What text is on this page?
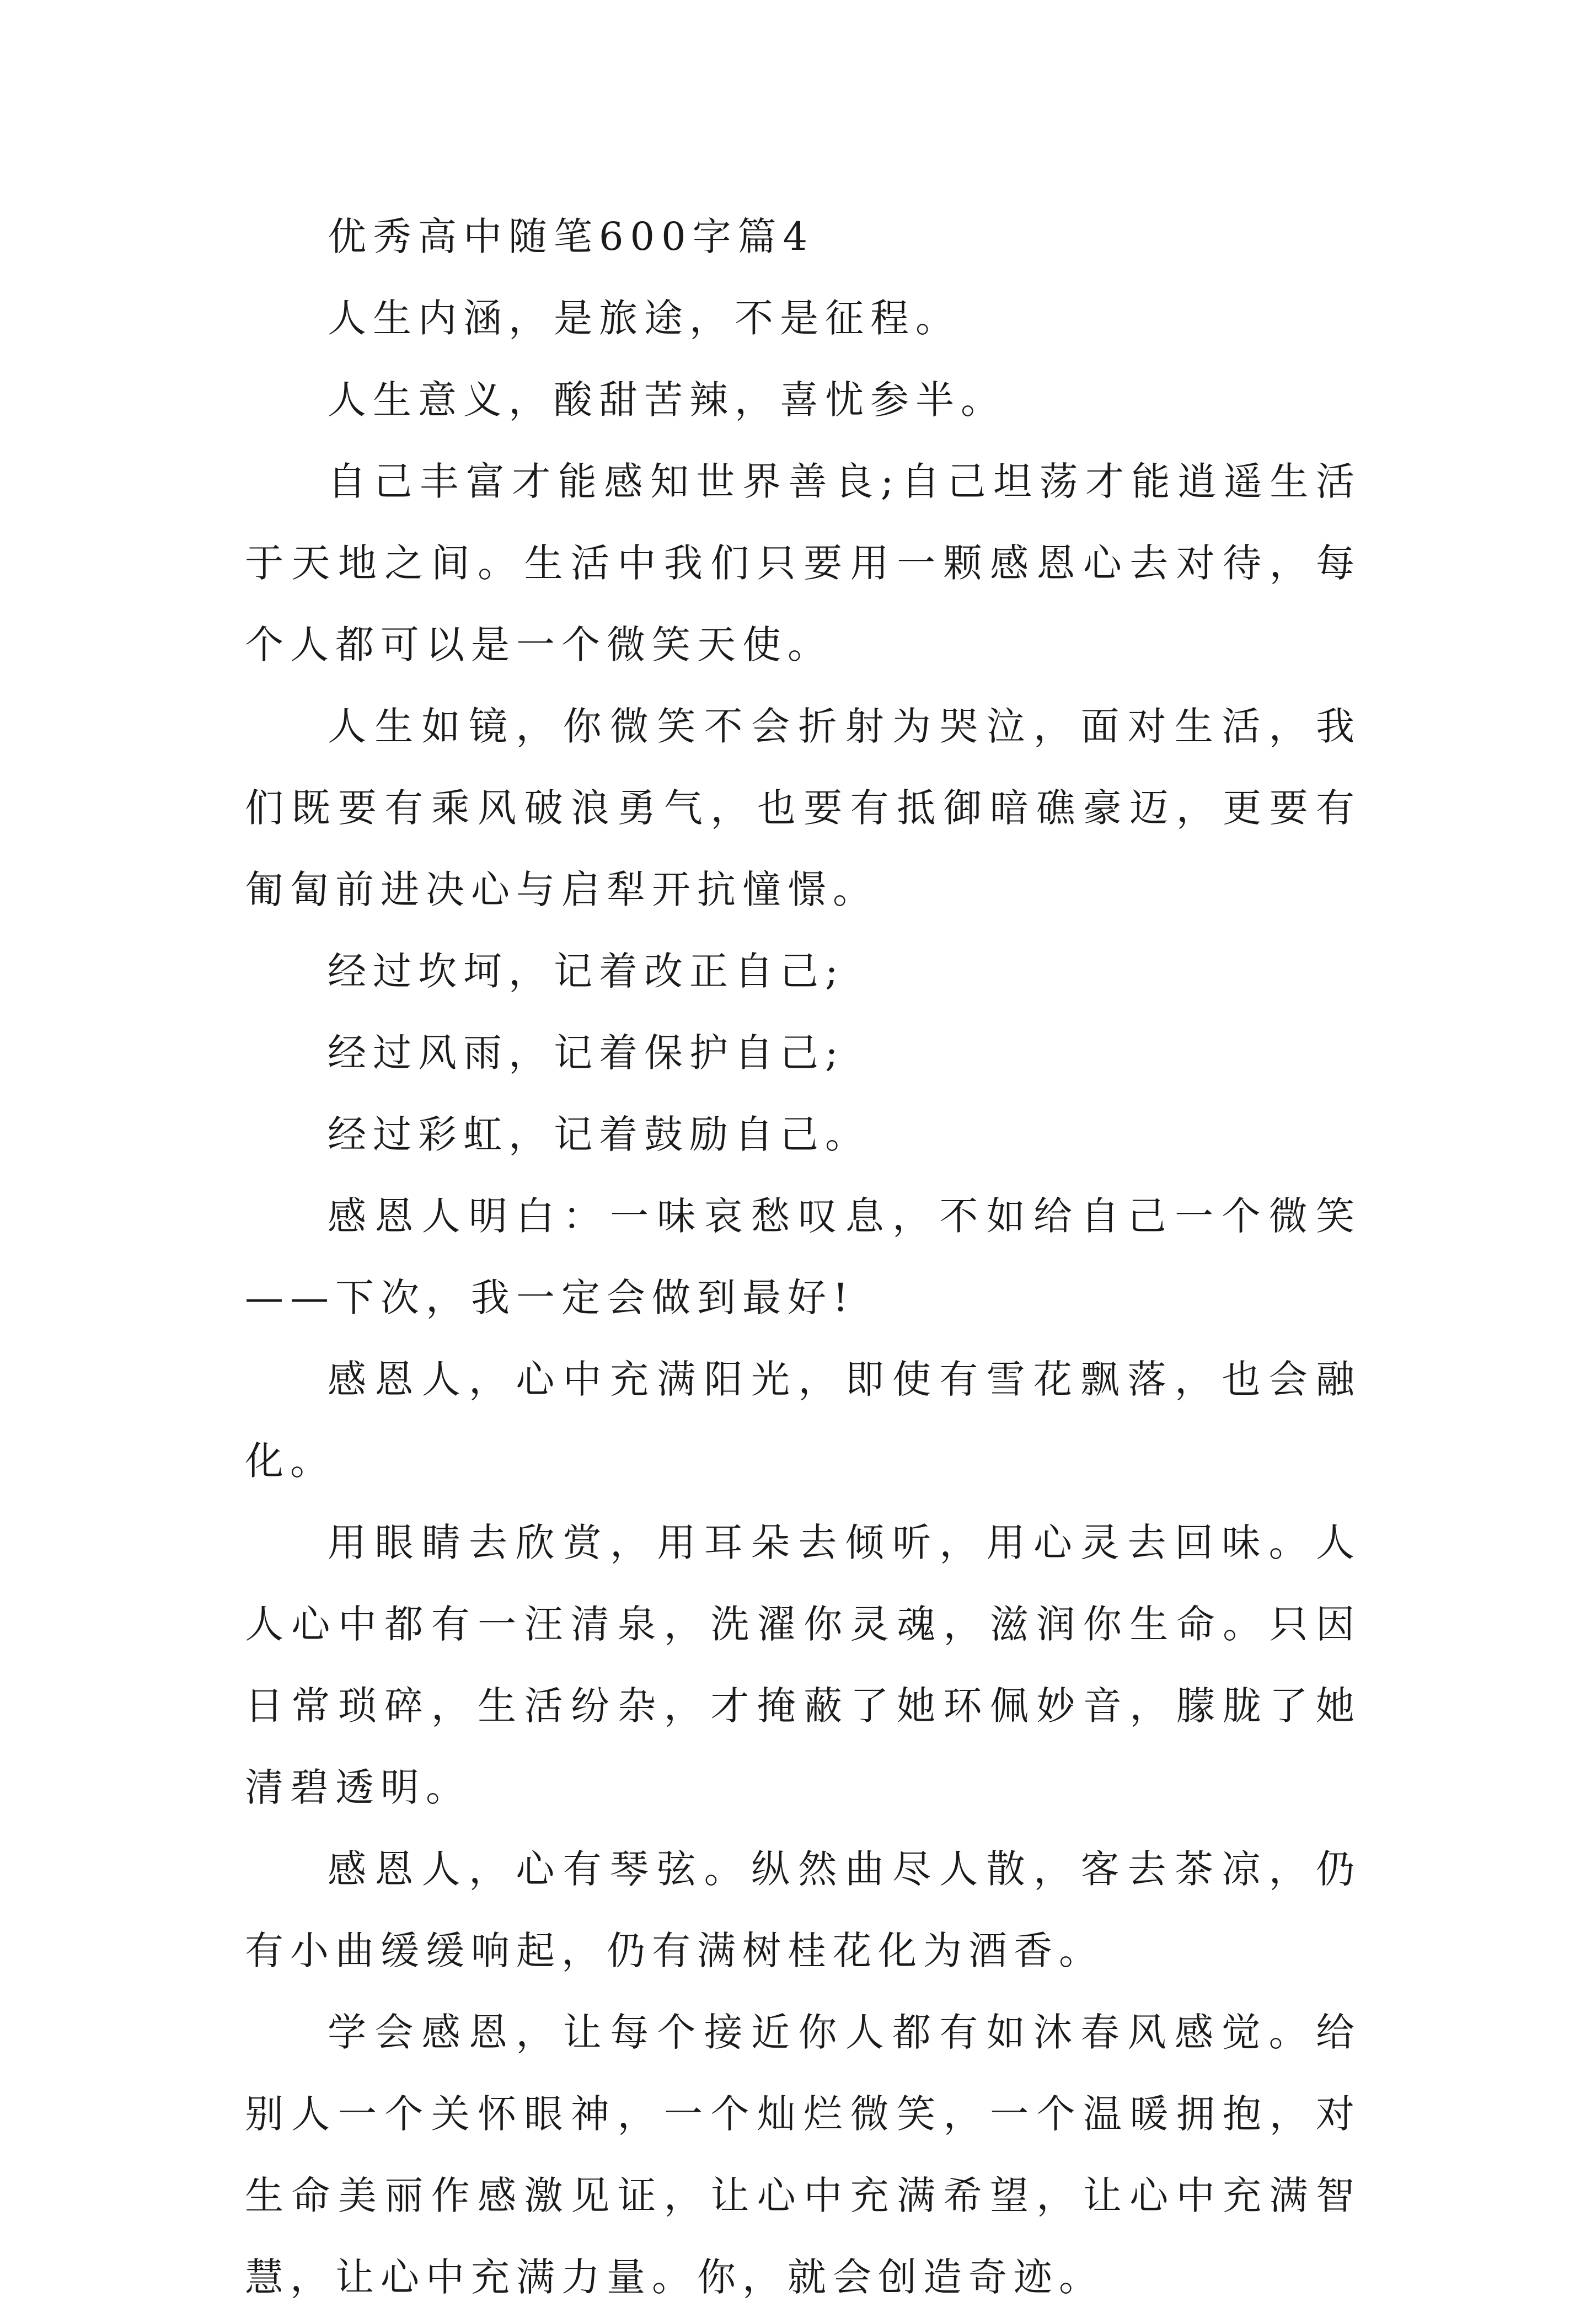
优秀高中随笔600字篇4

人生内涵，是旅途，不是征程。

人生意义，酸甜苦辣，喜忧参半。

自己丰富才能感知世界善良;自己坦荡才能逍遥生活于天地之间。生活中我们只要用一颗感恩心去对待，每个人都可以是一个微笑天使。

人生如镜，你微笑不会折射为哭泣，面对生活，我们既要有乘风破浪勇气，也要有抵御暗礁豪迈，更要有匍匐前进决心与启犁开抗憧憬。

经过坎坷，记着改正自己;

经过风雨，记着保护自己;

经过彩虹，记着鼓励自己。

感恩人明白：一味哀愁叹息，不如给自己一个微笑——下次，我一定会做到最好!

感恩人，心中充满阳光，即使有雪花飘落，也会融化。

用眼睛去欣赏，用耳朵去倾听，用心灵去回味。人人心中都有一汪清泉，洗濯你灵魂，滋润你生命。只因日常琐碎，生活纷杂，才掩蔽了她环佩妙音，朦胧了她清碧透明。

感恩人，心有琴弦。纵然曲尽人散，客去茶凉，仍有小曲缓缓响起，仍有满树桂花化为酒香。

学会感恩，让每个接近你人都有如沐春风感觉。给别人一个关怀眼神，一个灿烂微笑，一个温暖拥抱，对生命美丽作感激见证，让心中充满希望，让心中充满智慧，让心中充满力量。你，就会创造奇迹。
